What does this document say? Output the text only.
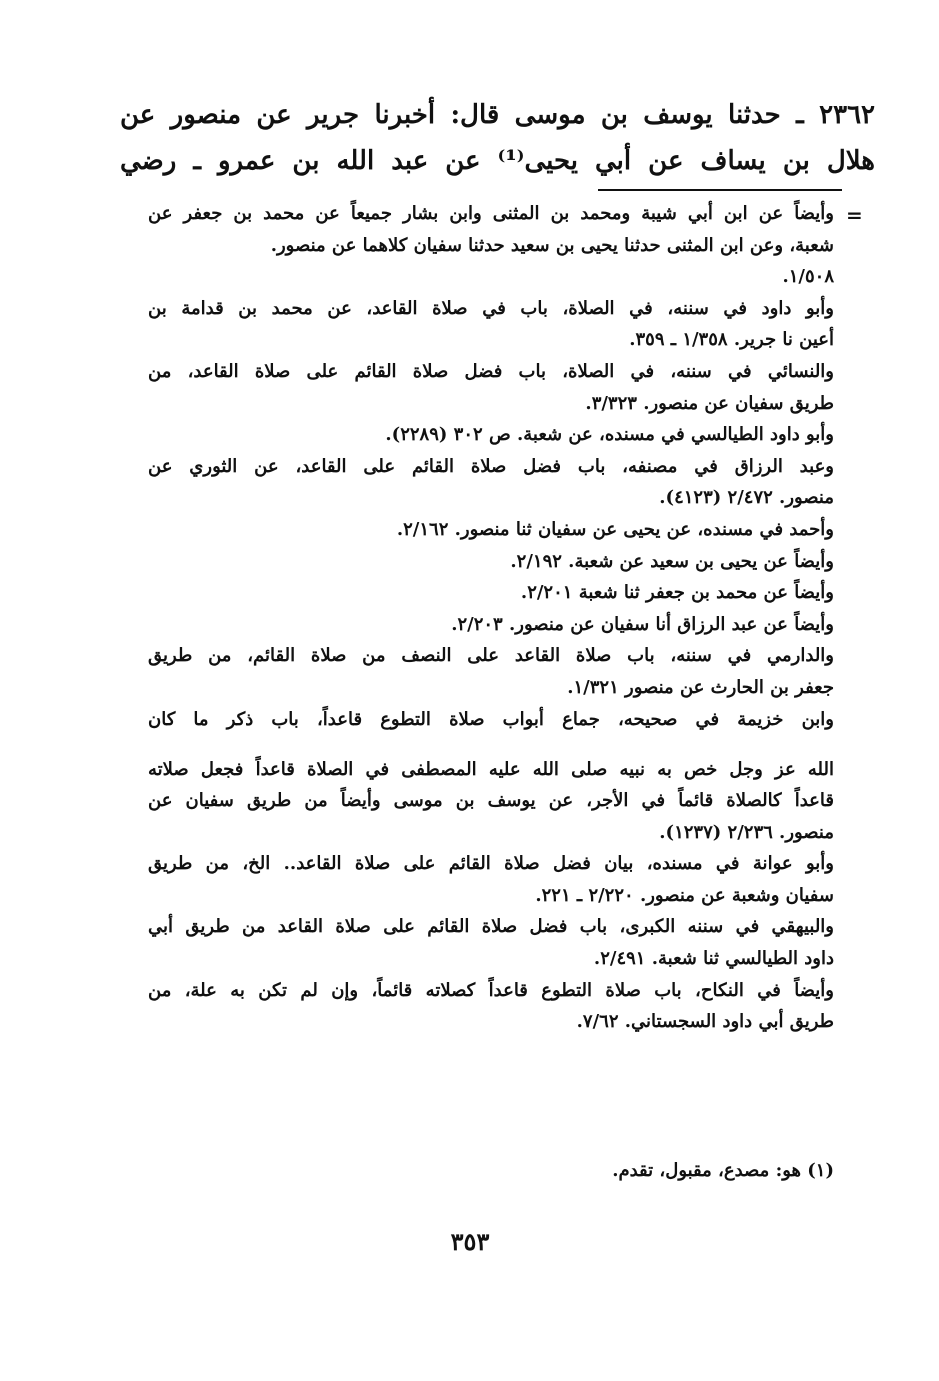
٢٣٦٢ ـ حدثنا يوسف بن موسى قال: أخبرنا جرير عن منصور عن
هلال بن يساف عن أبي يحيى⁽¹⁾ عن عبد الله بن عمرو ـ رضي
=
وأيضاً عن ابن أبي شيبة ومحمد بن المثنى وابن بشار جميعاً عن محمد بن جعفر عن
شعبة، وعن ابن المثنى حدثنا يحيى بن سعيد حدثنا سفيان كلاهما عن منصور.
١/٥٠٨.
وأبو داود في سننه، في الصلاة، باب في صلاة القاعد، عن محمد بن قدامة بن
أعين نا جرير. ١/٣٥٨ ـ ٣٥٩.
والنسائي في سننه، في الصلاة، باب فضل صلاة القائم على صلاة القاعد، من
طريق سفيان عن منصور. ٣/٣٢٣.
وأبو داود الطيالسي في مسنده، عن شعبة. ص ٣٠٢ (٢٢٨٩).
وعبد الرزاق في مصنفه، باب فضل صلاة القائم على القاعد، عن الثوري عن
منصور. ٢/٤٧٢ (٤١٢٣).
وأحمد في مسنده، عن يحيى عن سفيان ثنا منصور. ٢/١٦٢.
وأيضاً عن يحيى بن سعيد عن شعبة. ٢/١٩٢.
وأيضاً عن محمد بن جعفر ثنا شعبة ٢/٢٠١.
وأيضاً عن عبد الرزاق أنا سفيان عن منصور. ٢/٢٠٣.
والدارمي في سننه، باب صلاة القاعد على النصف من صلاة القائم، من طريق
جعفر بن الحارث عن منصور ١/٣٢١.
وابن خزيمة في صحيحه، جماع أبواب صلاة التطوع قاعداً، باب ذكر ما كان
الله عز وجل خص به نبيه صلى الله عليه المصطفى في الصلاة قاعداً فجعل صلاته
قاعداً كالصلاة قائماً في الأجر، عن يوسف بن موسى وأيضاً من طريق سفيان عن
منصور. ٢/٢٣٦ (١٢٣٧).
وأبو عوانة في مسنده، بيان فضل صلاة القائم على صلاة القاعد.. الخ، من طريق
سفيان وشعبة عن منصور. ٢/٢٢٠ ـ ٢٢١.
والبيهقي في سننه الكبرى، باب فضل صلاة القائم على صلاة القاعد من طريق أبي
داود الطيالسي ثنا شعبة. ٢/٤٩١.
وأيضاً في النكاح، باب صلاة التطوع قاعداً كصلاته قائماً، وإن لم تكن به علة، من
طريق أبي داود السجستاني. ٧/٦٢.
(١) هو: مصدع، مقبول، تقدم.
٣٥٣
